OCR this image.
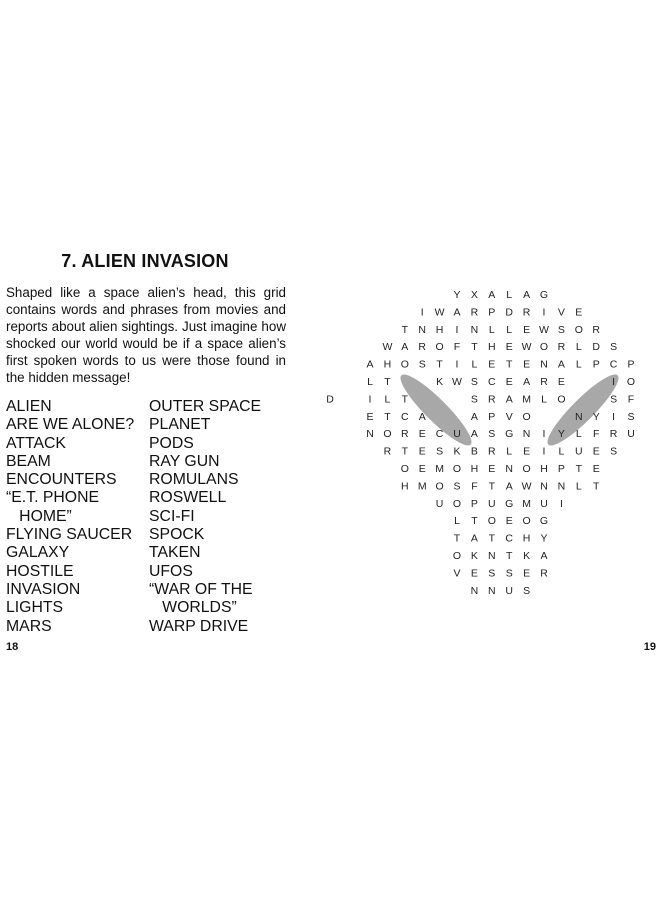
7. ALIEN INVASION
Shaped like a space alien’s head, this grid contains words and phrases from movies and reports about alien sightings. Just imagine how shocked our world would be if a space alien’s first spoken words to us were those found in the hidden message!
ALIEN
ARE WE ALONE?
ATTACK
BEAM
ENCOUNTERS
“E.T. PHONE
HOME”
FLYING SAUCER
GALAXY
HOSTILE
INVASION
LIGHTS
MARS
OUTER SPACE
PLANET
PODS
RAY GUN
ROMULANS
ROSWELL
SCI-FI
SPOCK
TAKEN
UFOS
“WAR OF THE
WORLDS”
WARP DRIVE
18
Y X A L A G
I W A R P D R I V E
T N H I N L L E W S O R
W A R O F T H E W O R L D S
A H O S T I L E T E N A L P C P
L T	K W S C E A R E	I O
I L T	S R A M L O	S F
D
E T C A	A P V O	N Y I S
N O R E C U A S G N I Y L F R U
R T E S K B R L E I L U E S
O E M O H E N O H P T E
H M O S F T A W N N L T
U O P U G M U I
L T O E O G
T A T C H Y
O K N T K A
V E S S E R
N N U S
19
